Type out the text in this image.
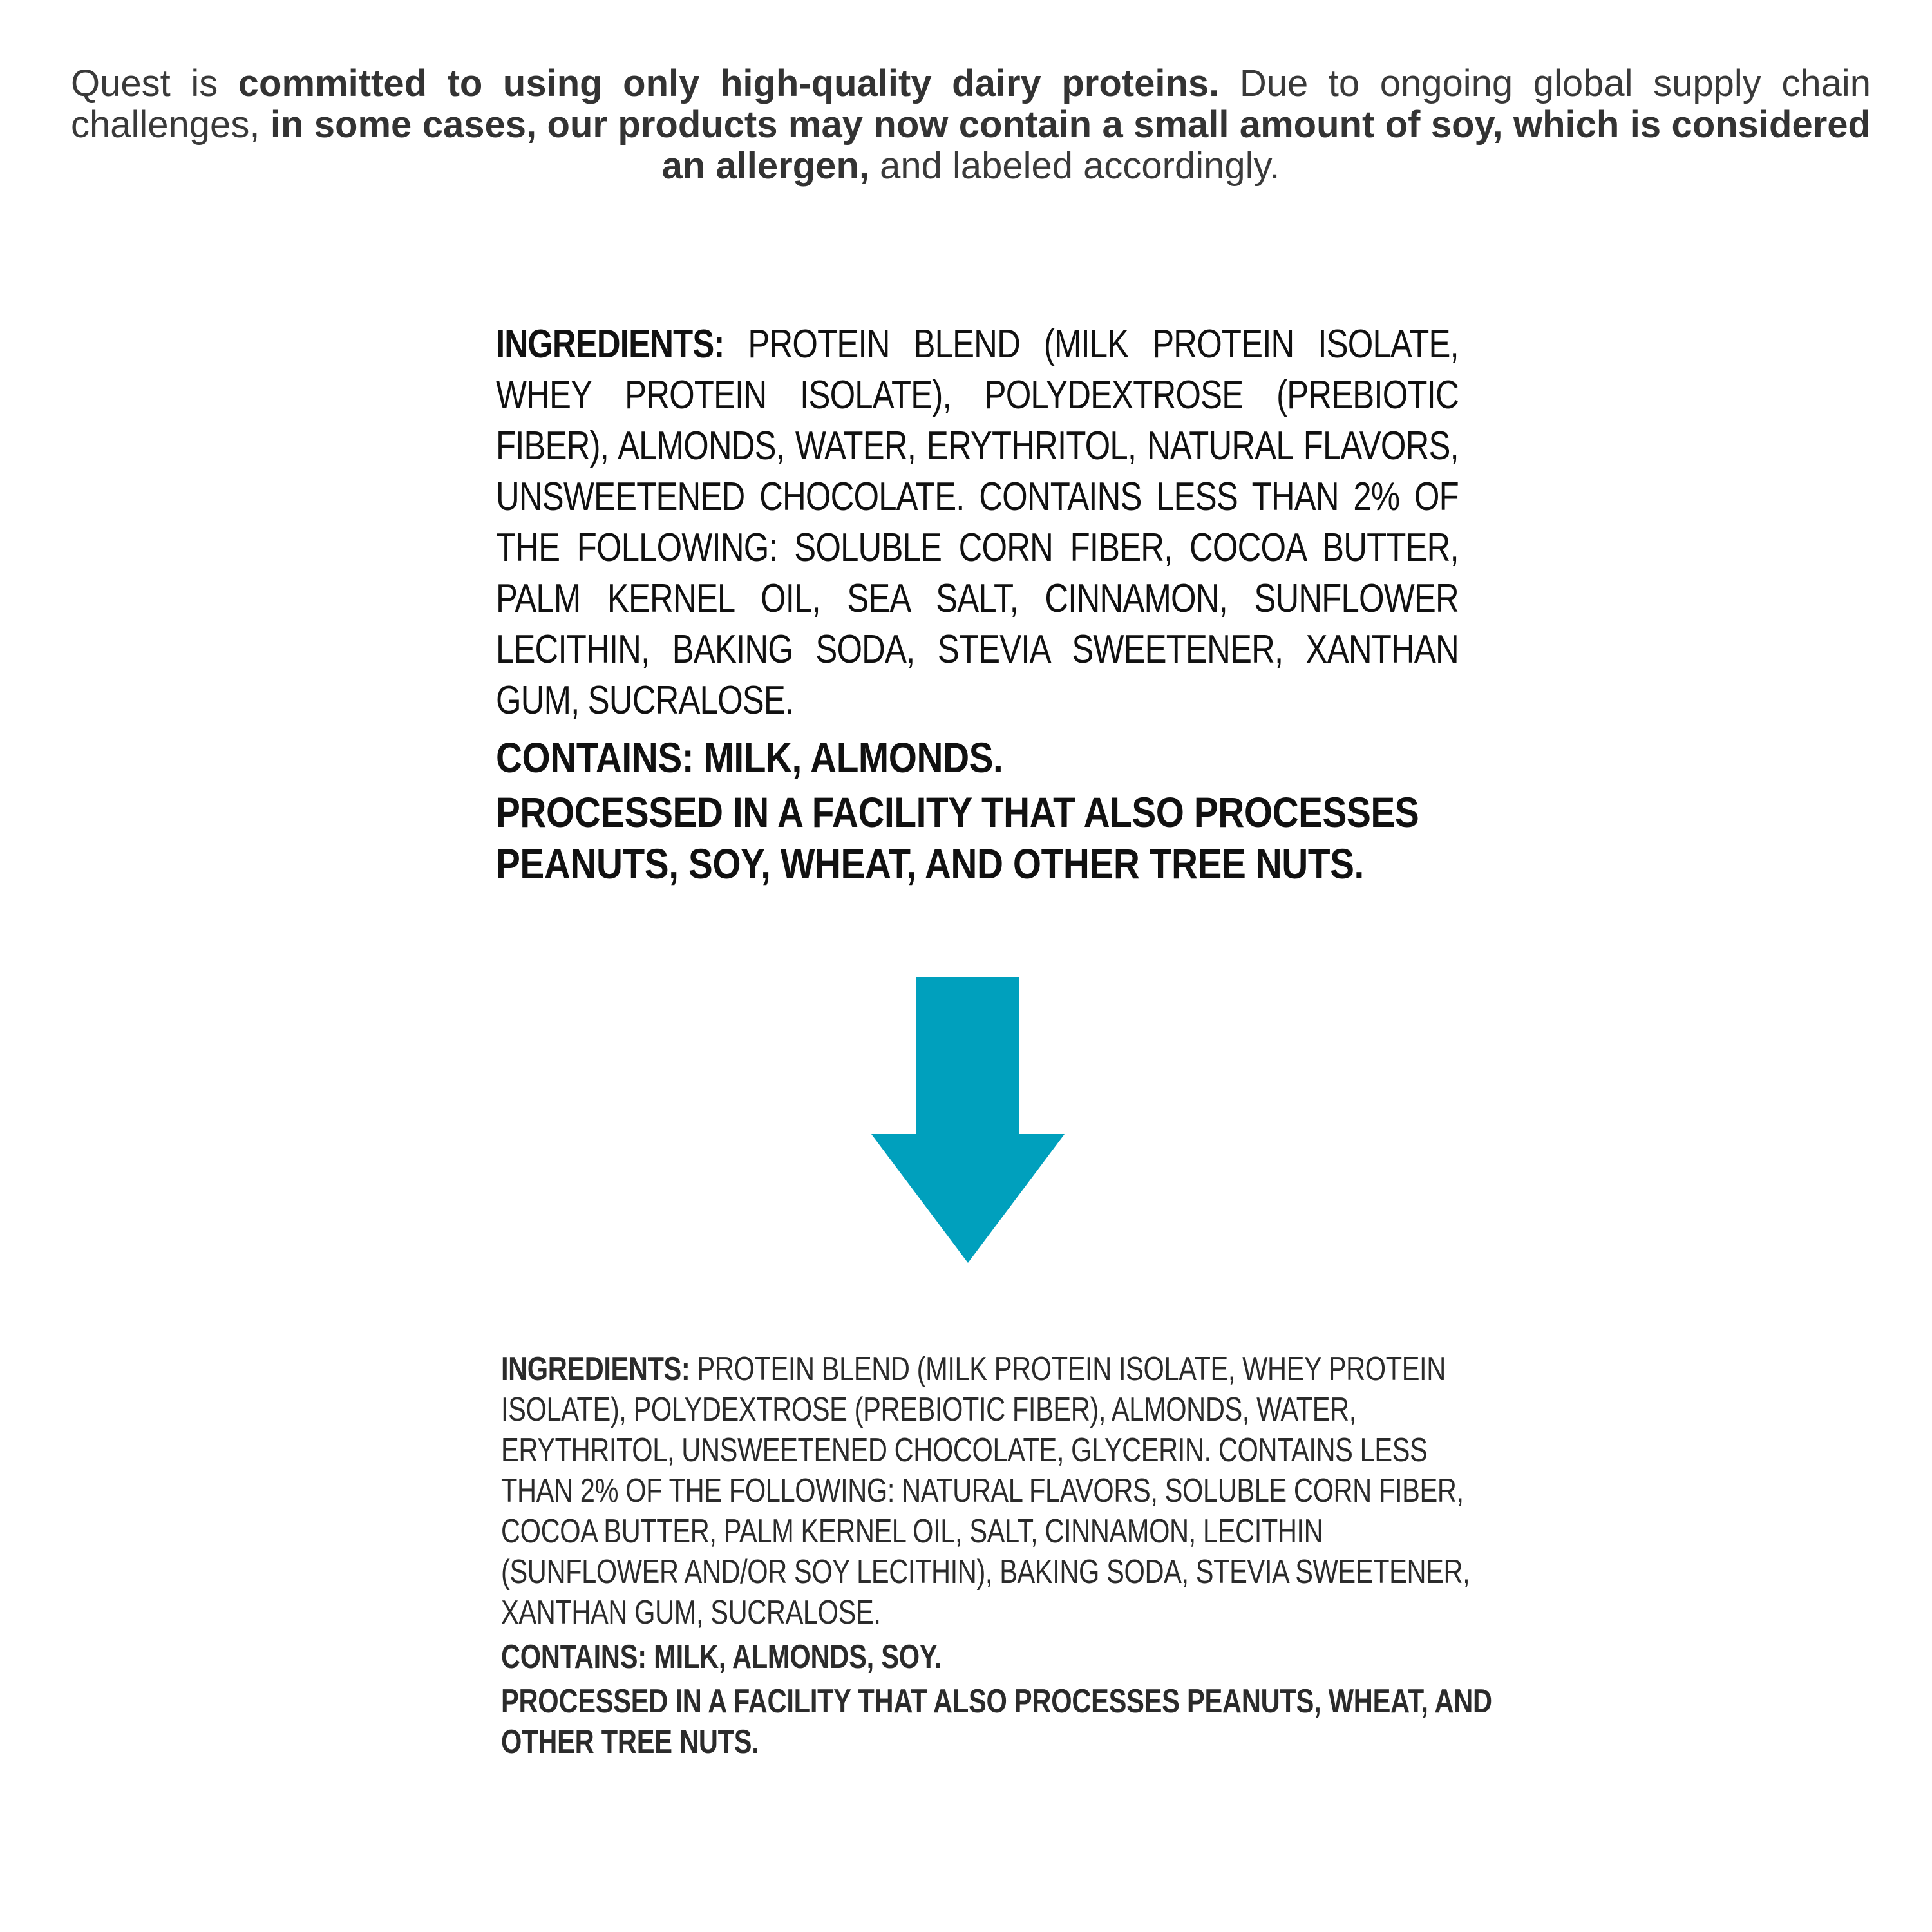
Quest is committed to using only high-quality dairy proteins. Due to ongoing global supply chain challenges, in some cases, our products may now contain a small amount of soy, which is considered an allergen, and labeled accordingly.
INGREDIENTS: PROTEIN BLEND (MILK PROTEIN ISOLATE, WHEY PROTEIN ISOLATE), POLYDEXTROSE (PREBIOTIC FIBER), ALMONDS, WATER, ERYTHRITOL, NATURAL FLAVORS, UNSWEETENED CHOCOLATE. CONTAINS LESS THAN 2% OF THE FOLLOWING: SOLUBLE CORN FIBER, COCOA BUTTER, PALM KERNEL OIL, SEA SALT, CINNAMON, SUNFLOWER LECITHIN, BAKING SODA, STEVIA SWEETENER, XANTHAN GUM, SUCRALOSE.
CONTAINS: MILK, ALMONDS.
PROCESSED IN A FACILITY THAT ALSO PROCESSES PEANUTS, SOY, WHEAT, AND OTHER TREE NUTS.
INGREDIENTS: PROTEIN BLEND (MILK PROTEIN ISOLATE, WHEY PROTEIN
ISOLATE), POLYDEXTROSE (PREBIOTIC FIBER), ALMONDS, WATER,
ERYTHRITOL, UNSWEETENED CHOCOLATE, GLYCERIN. CONTAINS LESS
THAN 2% OF THE FOLLOWING: NATURAL FLAVORS, SOLUBLE CORN FIBER,
COCOA BUTTER, PALM KERNEL OIL, SALT, CINNAMON, LECITHIN
(SUNFLOWER AND/OR SOY LECITHIN), BAKING SODA, STEVIA SWEETENER,
XANTHAN GUM, SUCRALOSE.
CONTAINS: MILK, ALMONDS, SOY.
PROCESSED IN A FACILITY THAT ALSO PROCESSES PEANUTS, WHEAT, AND
OTHER TREE NUTS.
